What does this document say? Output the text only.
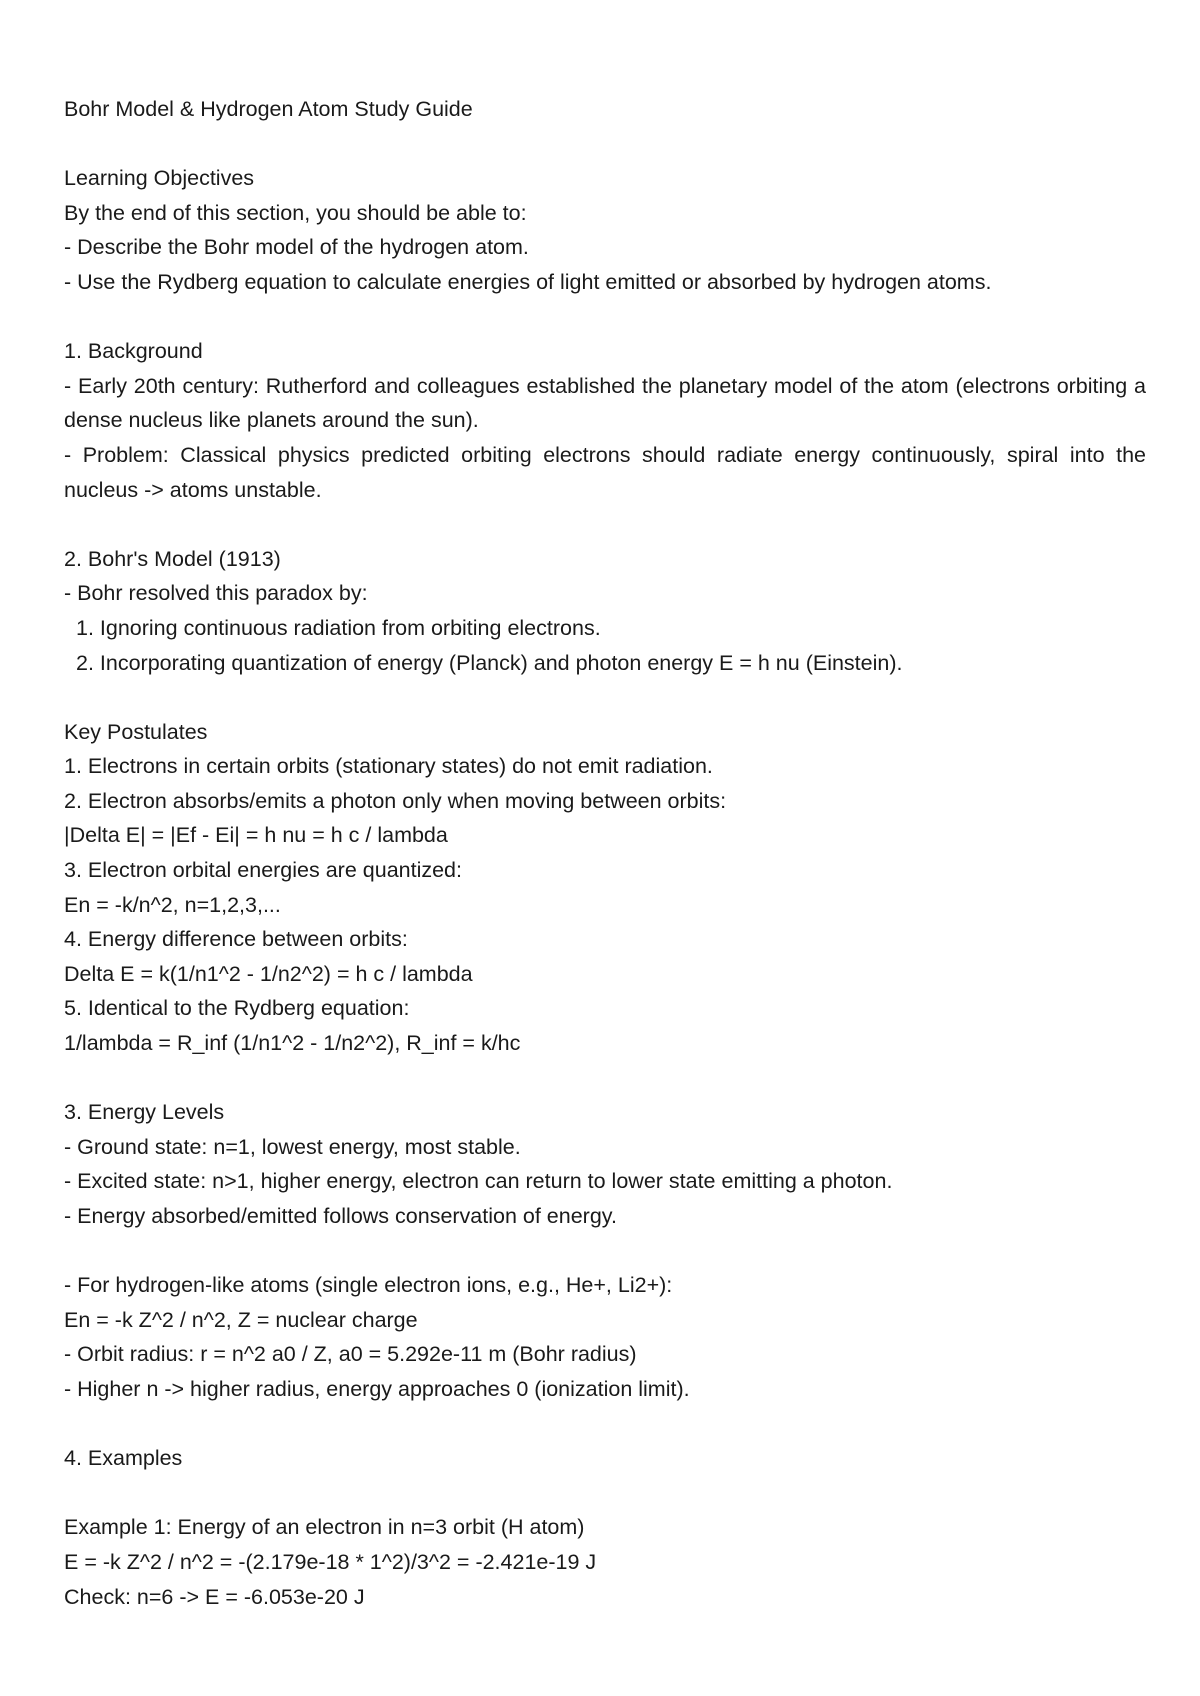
Bohr Model & Hydrogen Atom Study Guide
Learning Objectives
By the end of this section, you should be able to:
- Describe the Bohr model of the hydrogen atom.
- Use the Rydberg equation to calculate energies of light emitted or absorbed by hydrogen atoms.
1. Background
- Early 20th century: Rutherford and colleagues established the planetary model of the atom (electrons orbiting a dense nucleus like planets around the sun).
- Problem: Classical physics predicted orbiting electrons should radiate energy continuously, spiral into the nucleus -> atoms unstable.
2. Bohr's Model (1913)
- Bohr resolved this paradox by:
1. Ignoring continuous radiation from orbiting electrons.
2. Incorporating quantization of energy (Planck) and photon energy E = h nu (Einstein).
Key Postulates
1. Electrons in certain orbits (stationary states) do not emit radiation.
2. Electron absorbs/emits a photon only when moving between orbits:
|Delta E| = |Ef - Ei| = h nu = h c / lambda
3. Electron orbital energies are quantized:
En = -k/n^2, n=1,2,3,...
4. Energy difference between orbits:
Delta E = k(1/n1^2 - 1/n2^2) = h c / lambda
5. Identical to the Rydberg equation:
1/lambda = R_inf (1/n1^2 - 1/n2^2), R_inf = k/hc
3. Energy Levels
- Ground state: n=1, lowest energy, most stable.
- Excited state: n>1, higher energy, electron can return to lower state emitting a photon.
- Energy absorbed/emitted follows conservation of energy.
- For hydrogen-like atoms (single electron ions, e.g., He+, Li2+):
En = -k Z^2 / n^2, Z = nuclear charge
- Orbit radius: r = n^2 a0 / Z, a0 = 5.292e-11 m (Bohr radius)
- Higher n -> higher radius, energy approaches 0 (ionization limit).
4. Examples
Example 1: Energy of an electron in n=3 orbit (H atom)
E = -k Z^2 / n^2 = -(2.179e-18 * 1^2)/3^2 = -2.421e-19 J
Check: n=6 -> E = -6.053e-20 J
